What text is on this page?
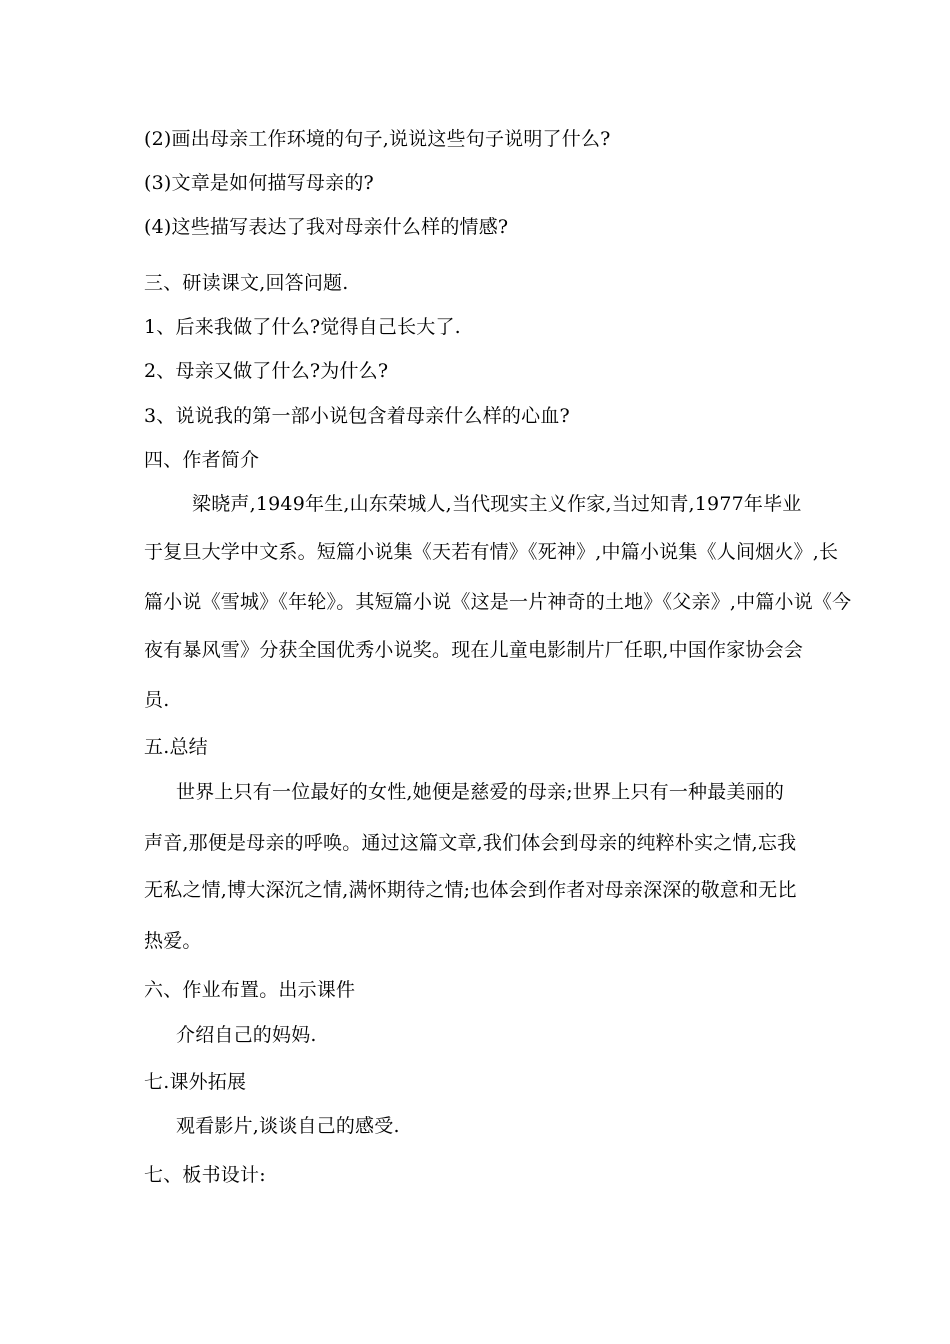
(2)画出母亲工作环境的句子,说说这些句子说明了什么?
(3)文章是如何描写母亲的?
(4)这些描写表达了我对母亲什么样的情感?
三、研读课文,回答问题.
1、后来我做了什么?觉得自己长大了.
2、母亲又做了什么?为什么?
3、说说我的第一部小说包含着母亲什么样的心血?
四、作者简介
梁晓声,1949年生,山东荣城人,当代现实主义作家,当过知青,1977年毕业
于复旦大学中文系。短篇小说集《天若有情》《死神》,中篇小说集《人间烟火》,长
篇小说《雪城》《年轮》。其短篇小说《这是一片神奇的土地》《父亲》,中篇小说《今
夜有暴风雪》分获全国优秀小说奖。现在儿童电影制片厂任职,中国作家协会会
员.
五.总结
世界上只有一位最好的女性,她便是慈爱的母亲;世界上只有一种最美丽的
声音,那便是母亲的呼唤。通过这篇文章,我们体会到母亲的纯粹朴实之情,忘我
无私之情,博大深沉之情,满怀期待之情;也体会到作者对母亲深深的敬意和无比
热爱。
六、作业布置。出示课件
介绍自己的妈妈.
七.课外拓展
观看影片,谈谈自己的感受.
七、板书设计:
